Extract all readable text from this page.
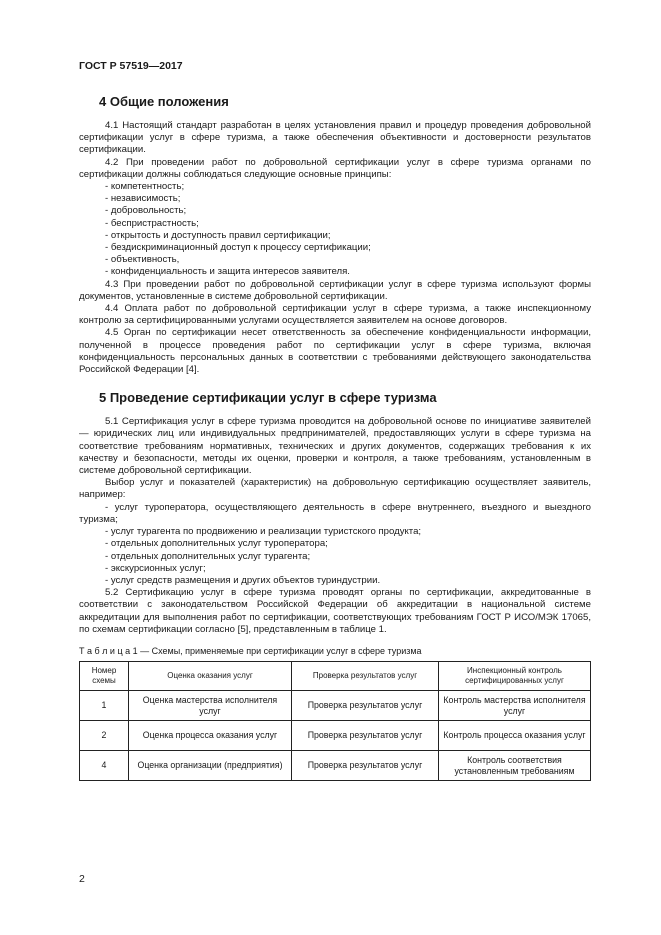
ГОСТ Р 57519—2017
4 Общие положения

4.1 Настоящий стандарт разработан в целях установления правил и процедур проведения добровольной сертификации услуг в сфере туризма, а также обеспечения объективности и достоверности результатов сертификации.

4.2 При проведении работ по добровольной сертификации услуг в сфере туризма органами по сертификации должны соблюдаться следующие основные принципы:

- компетентность;
- независимость;
- добровольность;
- беспристрастность;
- открытость и доступность правил сертификации;
- бездискриминационный доступ к процессу сертификации;
- объективность,
- конфиденциальность и защита интересов заявителя.

4.3 При проведении работ по добровольной сертификации услуг в сфере туризма используют формы документов, установленные в системе добровольной сертификации.

4.4 Оплата работ по добровольной сертификации услуг в сфере туризма, а также инспекционному контролю за сертифицированными услугами осуществляется заявителем на основе договоров.

4.5 Орган по сертификации несет ответственность за обеспечение конфиденциальности информации, полученной в процессе проведения работ по сертификации услуг в сфере туризма, включая конфиденциальность персональных данных в соответствии с требованиями действующего законодательства Российской Федерации [4].

5 Проведение сертификации услуг в сфере туризма

5.1 Сертификация услуг в сфере туризма проводится на добровольной основе по инициативе заявителей — юридических лиц или индивидуальных предпринимателей, предоставляющих услуги в сфере туризма на соответствие требованиям нормативных, технических и других документов, содержащих требования к их качеству и безопасности, методы их оценки, проверки и контроля, а также требованиям, установленным в системе добровольной сертификации.

Выбор услуг и показателей (характеристик) на добровольную сертификацию осуществляет заявитель, например:

- услуг туроператора, осуществляющего деятельность в сфере внутреннего, въездного и выездного туризма;

- услуг турагента по продвижению и реализации туристского продукта;
- отдельных дополнительных услуг туроператора;
- отдельных дополнительных услуг турагента;
- экскурсионных услуг;
- услуг средств размещения и других объектов туриндустрии.

5.2 Сертификацию услуг в сфере туризма проводят органы по сертификации, аккредитованные в соответствии с законодательством Российской Федерации об аккредитации в национальной системе аккредитации для выполнения работ по сертификации, соответствующих требованиям ГОСТ Р ИСО/МЭК 17065, по схемам сертификации согласно [5], представленным в таблице 1.

Т а б л и ц а 1 — Схемы, применяемые при сертификации услуг в сфере туризма
Номер схемы	Оценка оказания услуг	Проверка результатов услуг	Инспекционный контроль сертифицированных услуг
1	Оценка мастерства исполнителя услуг	Проверка результатов услуг	Контроль мастерства исполнителя услуг
2	Оценка процесса оказания услуг	Проверка результатов услуг	Контроль процесса оказания услуг
4	Оценка организации (предприятия)	Проверка результатов услуг	Контроль соответствия установленным требованиям
2
